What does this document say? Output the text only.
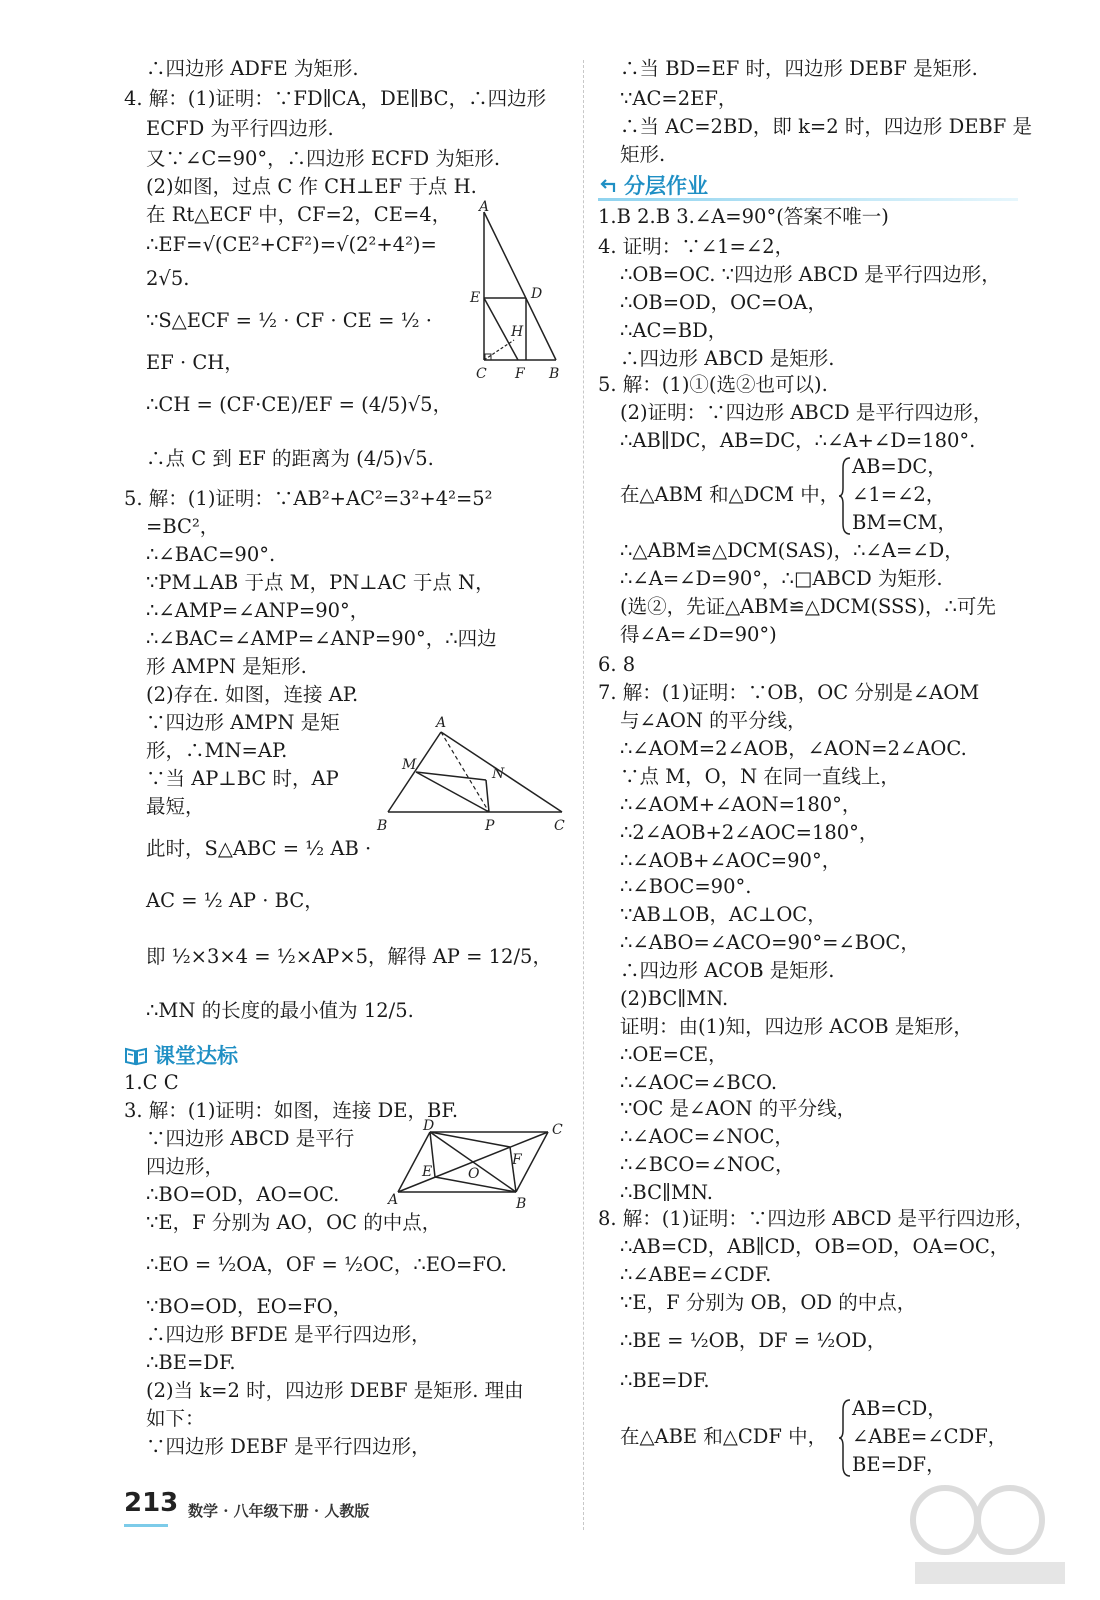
∴四边形 ADFE 为矩形.
4. 解：(1)证明：∵FD∥CA，DE∥BC，∴四边形
ECFD 为平行四边形.
又∵∠C=90°，∴四边形 ECFD 为矩形.
(2)如图，过点 C 作 CH⊥EF 于点 H.
在 Rt△ECF 中，CF=2，CE=4，
∴EF=√(CE²+CF²)=√(2²+4²)=
2√5.
∵S△ECF = ½ · CF · CE = ½ ·
EF · CH，
∴CH = (CF·CE)/EF = (4/5)√5，
∴点 C 到 EF 的距离为 (4/5)√5.
5. 解：(1)证明：∵AB²+AC²=3²+4²=5²
=BC²，
∴∠BAC=90°.
∵PM⊥AB 于点 M，PN⊥AC 于点 N，
∴∠AMP=∠ANP=90°，
∴∠BAC=∠AMP=∠ANP=90°，∴四边
形 AMPN 是矩形.
(2)存在. 如图，连接 AP.
∵四边形 AMPN 是矩
形，∴MN=AP.
∵当 AP⊥BC 时，AP
最短，
此时，S△ABC = ½ AB ·
AC = ½ AP · BC，
即 ½×3×4 = ½×AP×5，解得 AP = 12/5，
∴MN 的长度的最小值为 12/5.
课堂达标
1.C C
3. 解：(1)证明：如图，连接 DE，BF.
∵四边形 ABCD 是平行
四边形，
∴BO=OD，AO=OC.
∵E，F 分别为 AO，OC 的中点，
∴EO = ½OA，OF = ½OC，∴EO=FO.
∵BO=OD，EO=FO，
∴四边形 BFDE 是平行四边形，
∴BE=DF.
(2)当 k=2 时，四边形 DEBF 是矩形. 理由
如下：
∵四边形 DEBF 是平行四边形，
A
E	D
H
C F B
A
M
N
B	P	C
D	C
E
F
O
A	B
∴当 BD=EF 时，四边形 DEBF 是矩形.
∵AC=2EF，
∴当 AC=2BD，即 k=2 时，四边形 DEBF 是
矩形.
分层作业
1.B 2.B 3.∠A=90°(答案不唯一)
4. 证明：∵∠1=∠2，
∴OB=OC. ∵四边形 ABCD 是平行四边形，
∴OB=OD，OC=OA，
∴AC=BD，
∴四边形 ABCD 是矩形.
5. 解：(1)①(选②也可以).
(2)证明：∵四边形 ABCD 是平行四边形，
∴AB∥DC，AB=DC，∴∠A+∠D=180°.
AB=DC，
在△ABM 和△DCM 中， ∠1=∠2，
BM=CM，
∴△ABM≌△DCM(SAS)，∴∠A=∠D，
∴∠A=∠D=90°，∴□ABCD 为矩形.
(选②，先证△ABM≌△DCM(SSS)，∴可先
得∠A=∠D=90°)
6. 8
7. 解：(1)证明：∵OB，OC 分别是∠AOM
与∠AON 的平分线，
∴∠AOM=2∠AOB，∠AON=2∠AOC.
∵点 M，O，N 在同一直线上，
∴∠AOM+∠AON=180°，
∴2∠AOB+2∠AOC=180°，
∴∠AOB+∠AOC=90°，
∴∠BOC=90°.
∵AB⊥OB，AC⊥OC，
∴∠ABO=∠ACO=90°=∠BOC，
∴四边形 ACOB 是矩形.
(2)BC∥MN.
证明：由(1)知，四边形 ACOB 是矩形，
∴OE=CE，
∴∠AOC=∠BCO.
∵OC 是∠AON 的平分线，
∴∠AOC=∠NOC，
∴∠BCO=∠NOC，
∴BC∥MN.
8. 解：(1)证明：∵四边形 ABCD 是平行四边形，
∴AB=CD，AB∥CD，OB=OD，OA=OC，
∴∠ABE=∠CDF.
∵E，F 分别为 OB，OD 的中点，
∴BE = ½OB，DF = ½OD，
∴BE=DF.
AB=CD，
在△ABE 和△CDF 中， ∠ABE=∠CDF，
BE=DF，
213 数学 · 八年级下册 · 人教版
